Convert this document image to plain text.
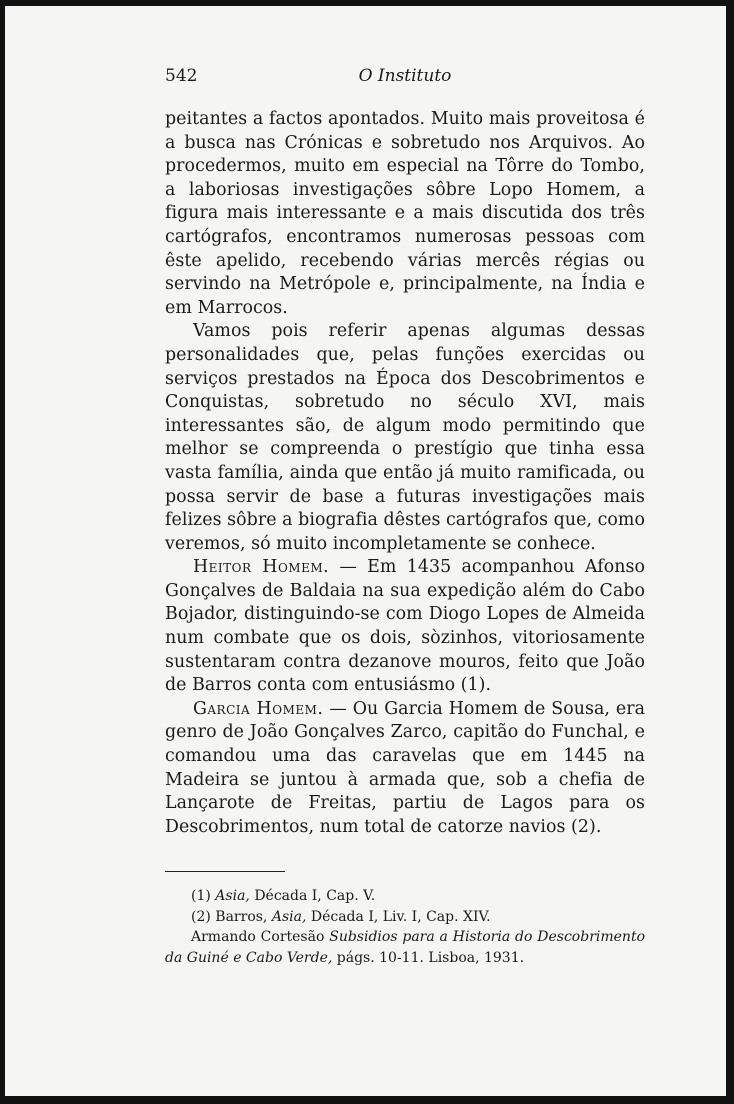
542	O Instituto

peitantes a factos apontados. Muito mais proveitosa é a busca nas Crónicas e sobretudo nos Arquivos. Ao procedermos, muito em especial na Tôrre do Tombo, a laboriosas investigações sôbre Lopo Homem, a figura mais interessante e a mais discutida dos três cartógrafos, encontramos numerosas pessoas com êste apelido, recebendo várias mercês régias ou servindo na Metrópole e, principalmente, na Índia e em Marrocos.

Vamos pois referir apenas algumas dessas personalidades que, pelas funções exercidas ou serviços prestados na Época dos Descobrimentos e Conquistas, sobretudo no século XVI, mais interessantes são, de algum modo permitindo que melhor se compreenda o prestígio que tinha essa vasta família, ainda que então já muito ramificada, ou possa servir de base a futuras investigações mais felizes sôbre a biografia dêstes cartógrafos que, como veremos, só muito incompletamente se conhece.

Heitor Homem. — Em 1435 acompanhou Afonso Gonçalves de Baldaia na sua expedição além do Cabo Bojador, distinguindo-se com Diogo Lopes de Almeida num combate que os dois, sòzinhos, vitoriosamente sustentaram contra dezanove mouros, feito que João de Barros conta com entusiásmo (1).

Garcia Homem. — Ou Garcia Homem de Sousa, era genro de João Gonçalves Zarco, capitão do Funchal, e comandou uma das caravelas que em 1445 na Madeira se juntou à armada que, sob a chefia de Lançarote de Freitas, partiu de Lagos para os Descobrimentos, num total de catorze navios (2).

(1) Asia, Década I, Cap. V.

(2) Barros, Asia, Década I, Liv. I, Cap. XIV.

Armando Cortesão Subsidios para a Historia do Descobrimento da Guiné e Cabo Verde, págs. 10-11. Lisboa, 1931.
